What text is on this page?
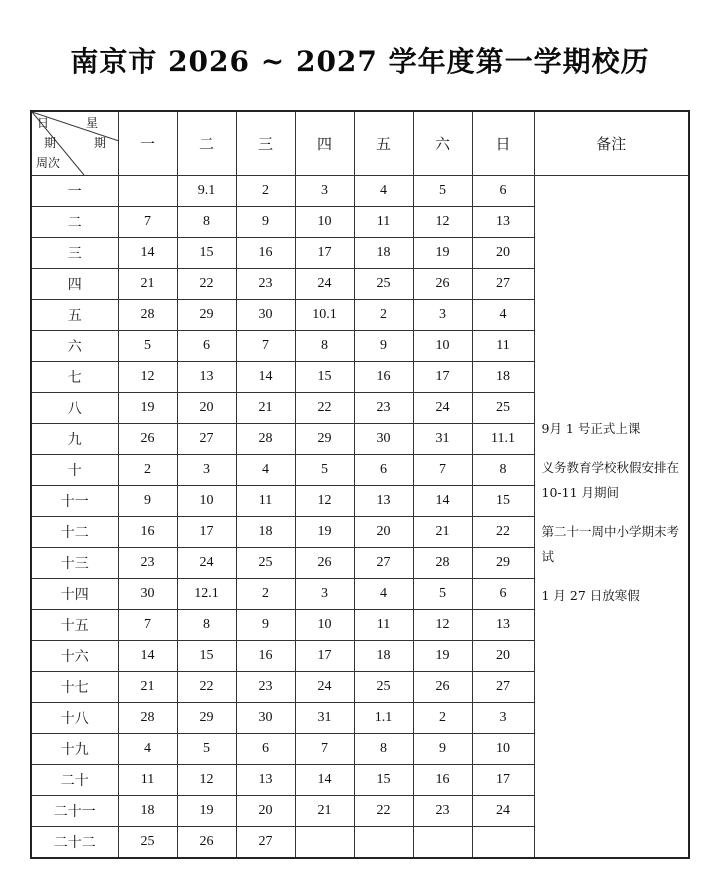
南京市 2026 ~ 2027 学年度第一学期校历
日 星
期 期
周次	一	二	三	四	五	六	日	备注
一		9.1	2	3	4	5	6	9月 1 号正式上课

义务教育学校秋假安排在 10-11 月期间

第二十一周中小学期末考试

1 月 27 日放寒假

二	7	8	9	10	11	12	13	
三	14	15	16	17	18	19	20	
四	21	22	23	24	25	26	27	
五	28	29	30	10.1	2	3	4	
六	5	6	7	8	9	10	11	
七	12	13	14	15	16	17	18	
八	19	20	21	22	23	24	25	
九	26	27	28	29	30	31	11.1	
十	2	3	4	5	6	7	8	
十一	9	10	11	12	13	14	15	
十二	16	17	18	19	20	21	22	
十三	23	24	25	26	27	28	29	
十四	30	12.1	2	3	4	5	6	
十五	7	8	9	10	11	12	13	
十六	14	15	16	17	18	19	20	
十七	21	22	23	24	25	26	27	
十八	28	29	30	31	1.1	2	3	
十九	4	5	6	7	8	9	10	
二十	11	12	13	14	15	16	17	
二十一	18	19	20	21	22	23	24	
二十二	25	26	27					
